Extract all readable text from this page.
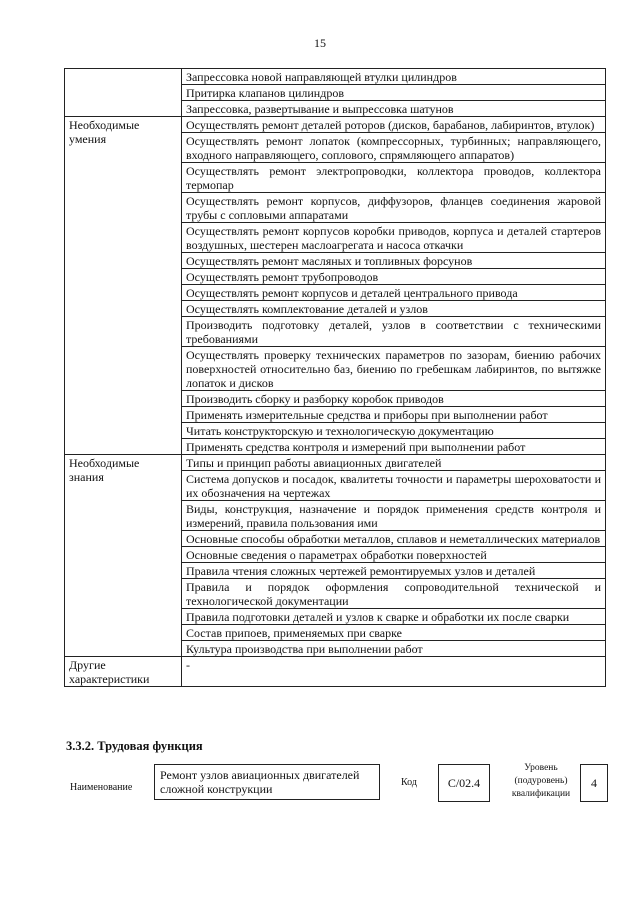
15
	Запрессовка новой направляющей втулки цилиндров
	Притирка клапанов цилиндров
	Запрессовка, развертывание и выпрессовка шатунов
Необходимые умения	Осуществлять ремонт деталей роторов (дисков, барабанов, лабиринтов, втулок)
	Осуществлять ремонт лопаток (компрессорных, турбинных; направляющего, входного направляющего, соплового, спрямляющего аппаратов)
	Осуществлять ремонт электропроводки, коллектора проводов, коллектора термопар
	Осуществлять ремонт корпусов, диффузоров, фланцев соединения жаровой трубы с сопловыми аппаратами
	Осуществлять ремонт корпусов коробки приводов, корпуса и деталей стартеров воздушных, шестерен маслоагрегата и насоса откачки
	Осуществлять ремонт масляных и топливных форсунов
	Осуществлять ремонт трубопроводов
	Осуществлять ремонт корпусов и деталей центрального привода
	Осуществлять комплектование деталей и узлов
	Производить подготовку деталей, узлов в соответствии с техническими требованиями
	Осуществлять проверку технических параметров по зазорам, биению рабочих поверхностей относительно баз, биению по гребешкам лабиринтов, по вытяжке лопаток и дисков
	Производить сборку и разборку коробок приводов
	Применять измерительные средства и приборы при выполнении работ
	Читать конструкторскую и технологическую документацию
	Применять средства контроля и измерений при выполнении работ
Необходимые знания	Типы и принцип работы авиационных двигателей
	Система допусков и посадок, квалитеты точности и параметры шероховатости и их обозначения на чертежах
	Виды, конструкция, назначение и порядок применения средств контроля и измерений, правила пользования ими
	Основные способы обработки металлов, сплавов и неметаллических материалов
	Основные сведения о параметрах обработки поверхностей
	Правила чтения сложных чертежей ремонтируемых узлов и деталей
	Правила и порядок оформления сопроводительной технической и технологической документации
	Правила подготовки деталей и узлов к сварке и обработки их после сварки
	Состав припоев, применяемых при сварке
	Культура производства при выполнении работ
Другие характеристики	-
3.3.2. Трудовая функция
Наименование
Ремонт узлов авиационных двигателей сложной конструкции	Код	C/02.4
Уровень (подуровень) квалификации
4
